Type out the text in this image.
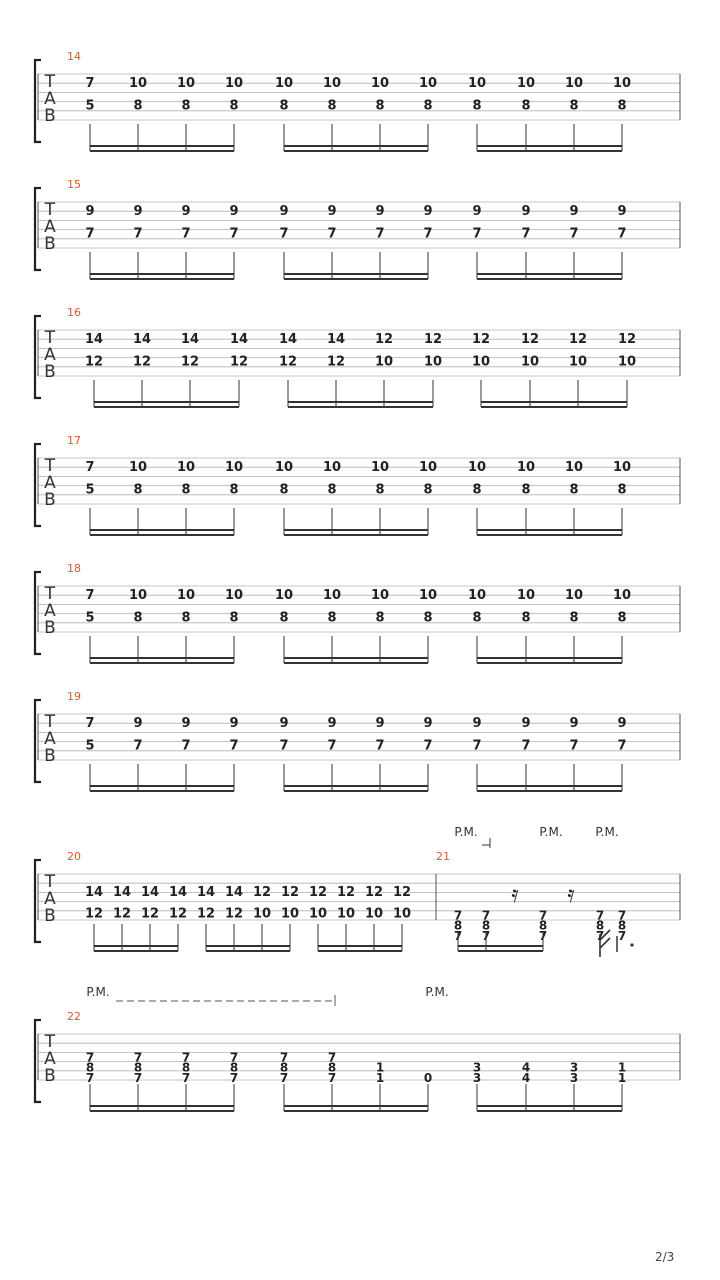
T
A
B
14
7
5
10
8
10
8
10
8
10
8
10
8
10
8
10
8
10
8
10
8
10
8
10
8
T
A
B
15
9
7
9
7
9
7
9
7
9
7
9
7
9
7
9
7
9
7
9
7
9
7
9
7
T
A
B
16
14
12
14
12
14
12
14
12
14
12
14
12
12
10
12
10
12
10
12
10
12
10
12
10
T
A
B
17
7
5
10
8
10
8
10
8
10
8
10
8
10
8
10
8
10
8
10
8
10
8
10
8
T
A
B
18
7
5
10
8
10
8
10
8
10
8
10
8
10
8
10
8
10
8
10
8
10
8
10
8
T
A
B
19
7
5
9
7
9
7
9
7
9
7
9
7
9
7
9
7
9
7
9
7
9
7
9
7
T
A
B
20	21
14
12
14
12
14
12
14
12
14
12
14
12
12
10
12
10
12
10
12
10
12
10
12
10	7
8
7
7
8
7
7
8
7
7
8
7
7
8
7
𝄿 𝄿
P.M.	P.M.	P.M.
T
A
B
22
7
8
7
7
8
7
7
8
7
7
8
7
7
8
7
7
8
7
1
1	0
3
3
4
4
3
3
1
1
P.M.	P.M.
2/3
